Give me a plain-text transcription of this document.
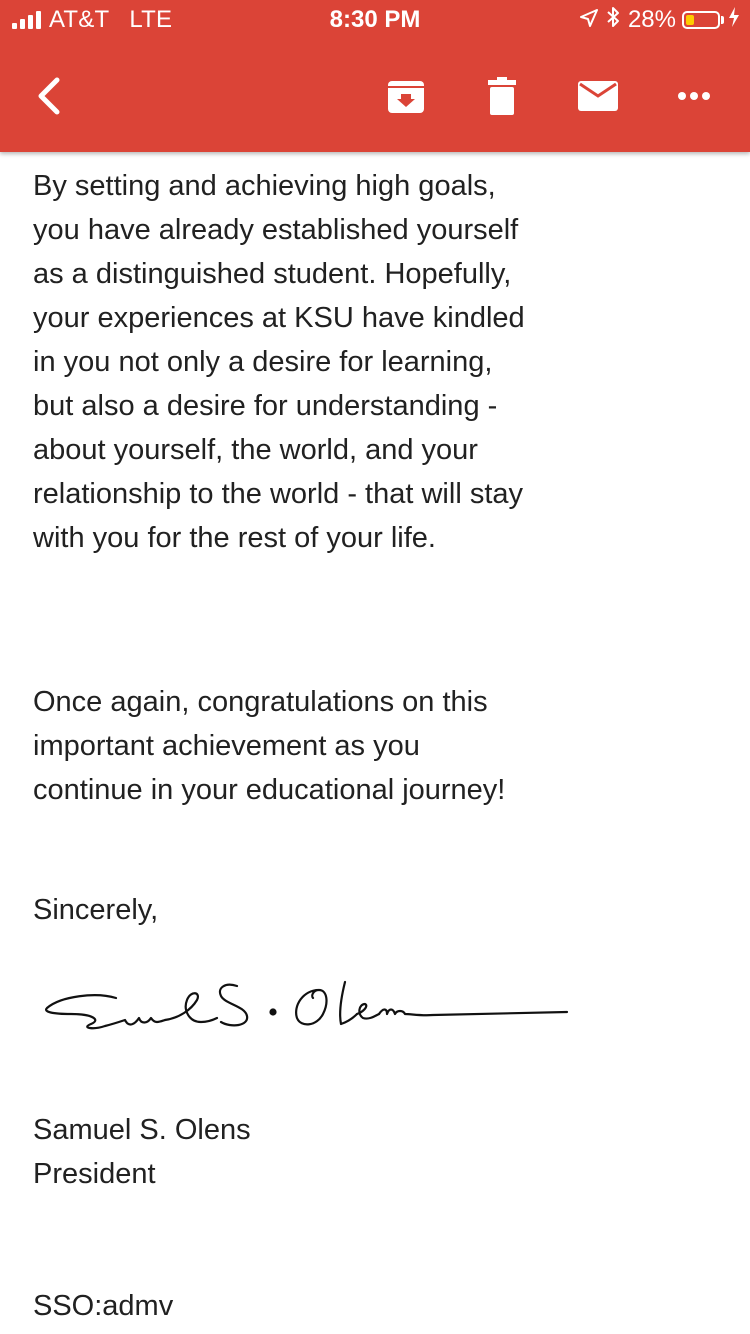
AT&T LTE	8:30 PM	28%

By setting and achieving high goals, you have already established yourself as a distinguished student. Hopefully, your experiences at KSU have kindled in you not only a desire for learning, but also a desire for understanding - about yourself, the world, and your relationship to the world - that will stay with you for the rest of your life.

Once again, congratulations on this important achievement as you continue in your educational journey!

Sincerely,

Samuel S. Olens

President

SSO:admv
